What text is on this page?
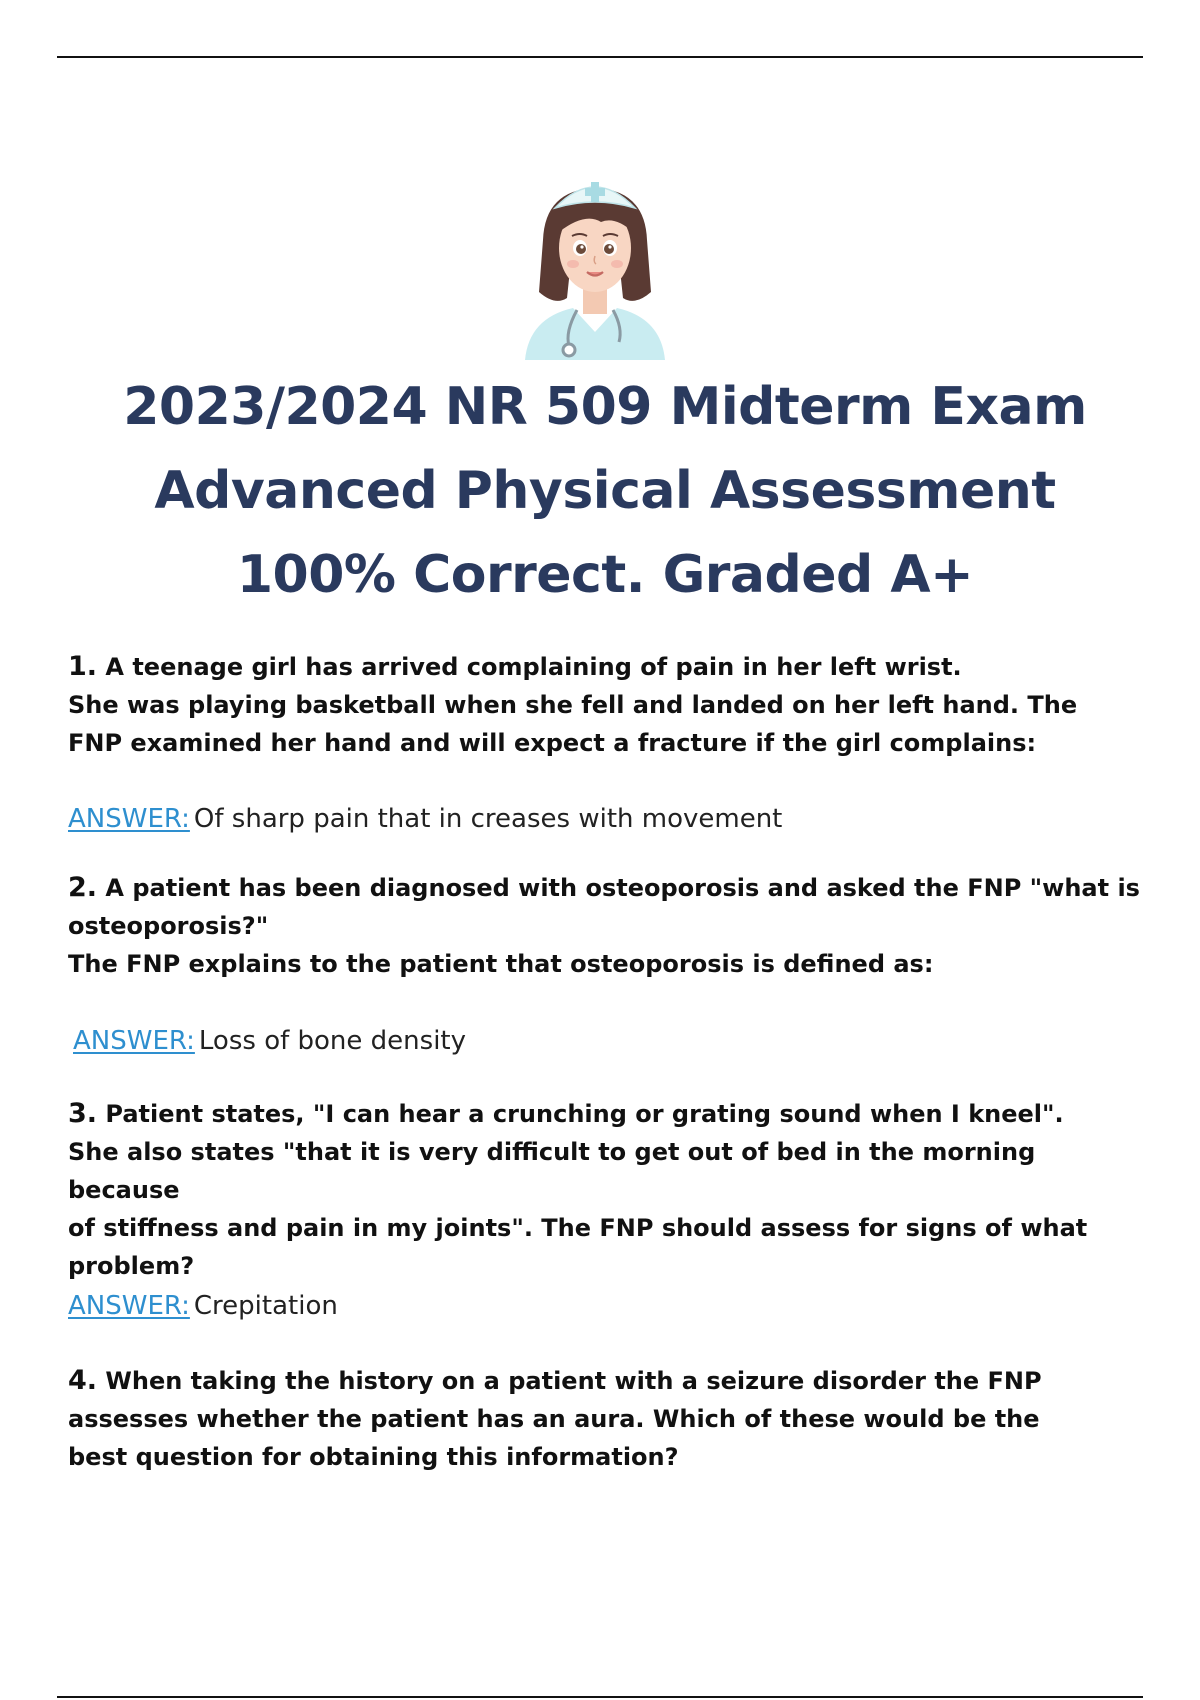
2023/2024 NR 509 Midterm Exam
Advanced Physical Assessment
100% Correct. Graded A+
1. A teenage girl has arrived complaining of pain in her left wrist.
She was playing basketball when she fell and landed on her left hand. The
FNP examined her hand and will expect a fracture if the girl complains:
ANSWER: Of sharp pain that in creases with movement
2. A patient has been diagnosed with osteoporosis and asked the FNP "what is
osteoporosis?"
The FNP explains to the patient that osteoporosis is defined as:
ANSWER: Loss of bone density
3. Patient states, "I can hear a crunching or grating sound when I kneel".
She also states "that it is very difficult to get out of bed in the morning because
of stiffness and pain in my joints". The FNP should assess for signs of what
problem?
ANSWER: Crepitation
4. When taking the history on a patient with a seizure disorder the FNP
assesses whether the patient has an aura. Which of these would be the
best question for obtaining this information?
